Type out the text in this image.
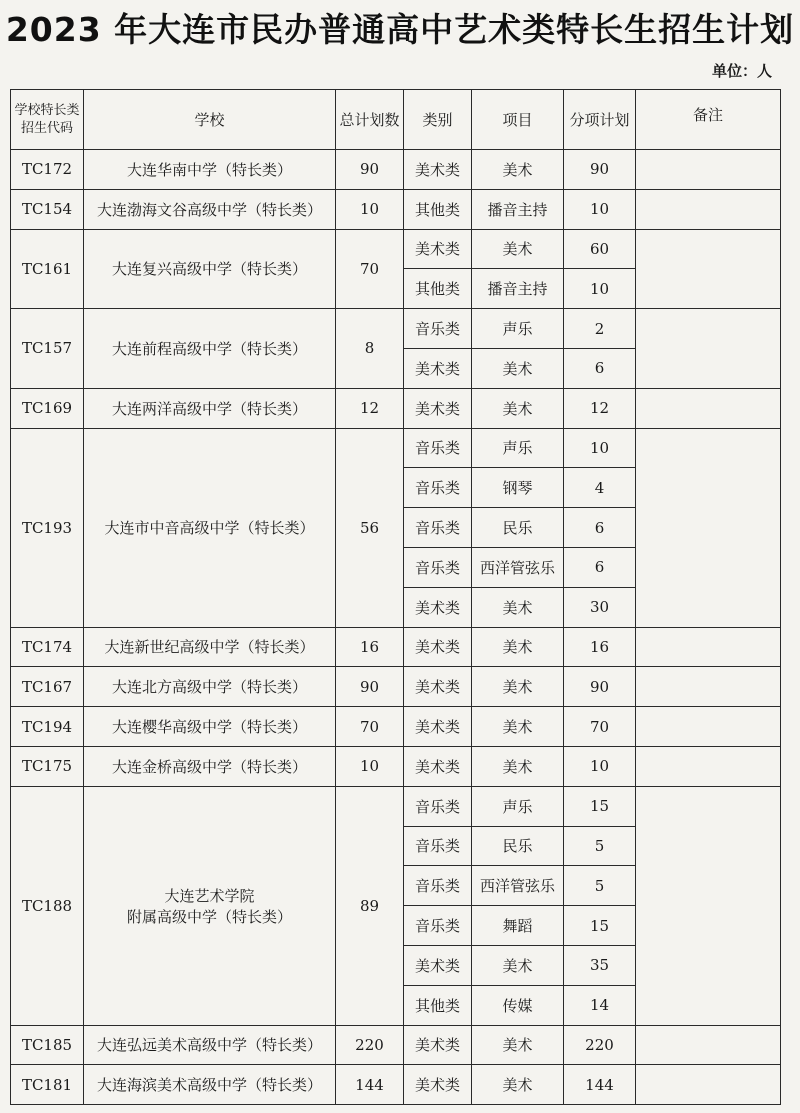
2023 年大连市民办普通高中艺术类特长生招生计划
单位：人
学校特长类
招生代码	学校	总计划数	类别	项目	分项计划	备注
TC172	大连华南中学（特长类）	90	美术类	美术	90	
TC154	大连渤海文谷高级中学（特长类）	10	其他类	播音主持	10	
TC161	大连复兴高级中学（特长类）	70	美术类	美术	60	
			其他类	播音主持	10	
TC157	大连前程高级中学（特长类）	8	音乐类	声乐	2	
			美术类	美术	6	
TC169	大连两洋高级中学（特长类）	12	美术类	美术	12	
TC193	大连市中音高级中学（特长类）	56	音乐类	声乐	10	
			音乐类	钢琴	4	
			音乐类	民乐	6	
			音乐类	西洋管弦乐	6	
			美术类	美术	30	
TC174	大连新世纪高级中学（特长类）	16	美术类	美术	16	
TC167	大连北方高级中学（特长类）	90	美术类	美术	90	
TC194	大连樱华高级中学（特长类）	70	美术类	美术	70	
TC175	大连金桥高级中学（特长类）	10	美术类	美术	10	
TC188	大连艺术学院
附属高级中学（特长类）	89	音乐类	声乐	15	
			音乐类	民乐	5	
			音乐类	西洋管弦乐	5	
			音乐类	舞蹈	15	
			美术类	美术	35	
			其他类	传媒	14	
TC185	大连弘远美术高级中学（特长类）	220	美术类	美术	220	
TC181	大连海滨美术高级中学（特长类）	144	美术类	美术	144	
